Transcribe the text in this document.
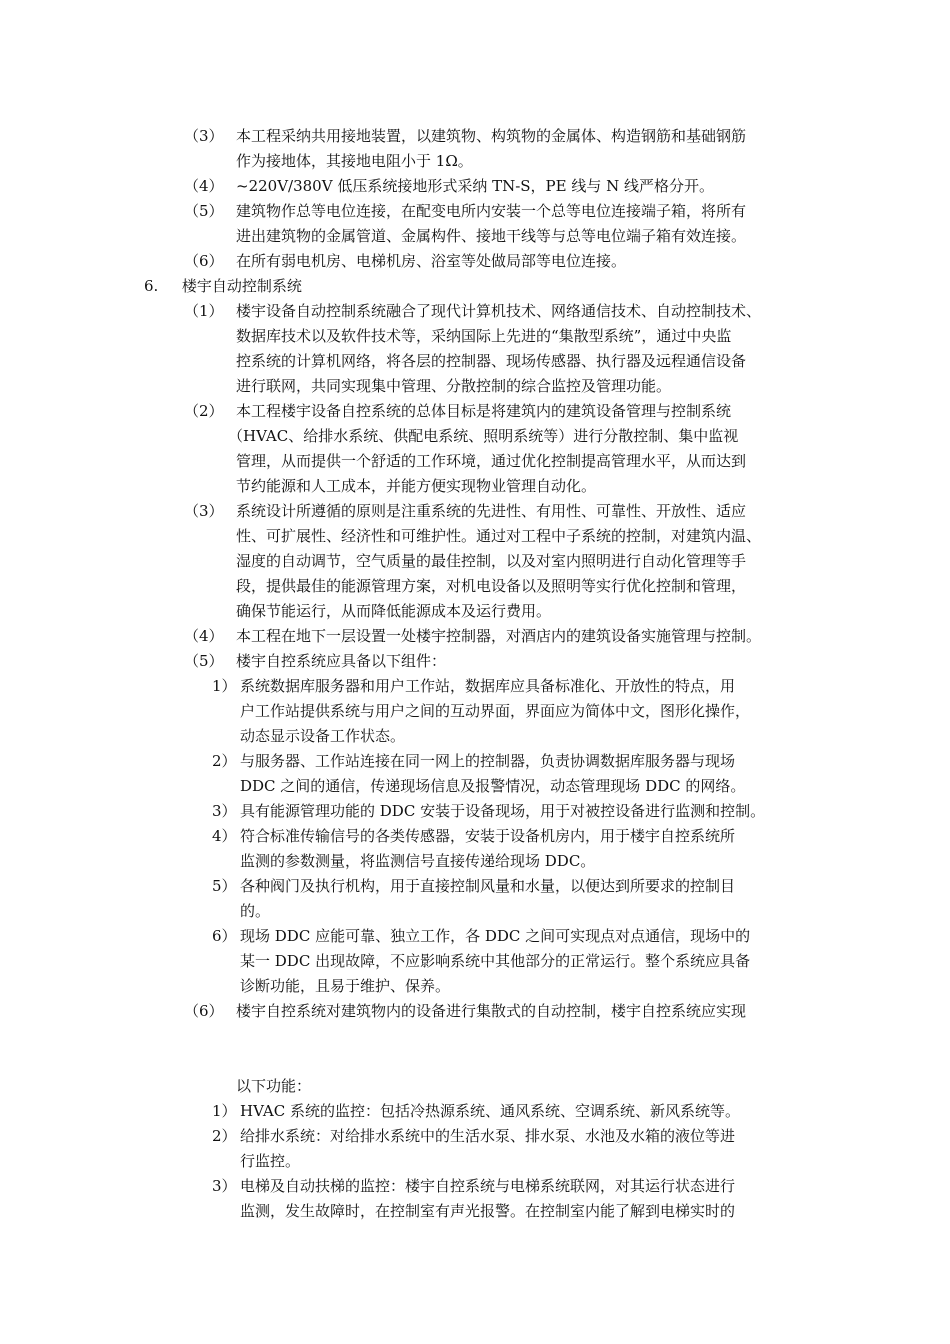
（3） 本工程采纳共用接地装置，以建筑物、构筑物的金属体、构造钢筋和基础钢筋
作为接地体，其接地电阻小于 1Ω。
（4） ~220V/380V 低压系统接地形式采纳 TN-S，PE 线与 N 线严格分开。
（5） 建筑物作总等电位连接，在配变电所内安装一个总等电位连接端子箱，将所有
进出建筑物的金属管道、金属构件、接地干线等与总等电位端子箱有效连接。
（6） 在所有弱电机房、电梯机房、浴室等处做局部等电位连接。
6. 楼宇自动控制系统
（1） 楼宇设备自动控制系统融合了现代计算机技术、网络通信技术、自动控制技术、
数据库技术以及软件技术等，采纳国际上先进的“集散型系统”，通过中央监
控系统的计算机网络，将各层的控制器、现场传感器、执行器及远程通信设备
进行联网，共同实现集中管理、分散控制的综合监控及管理功能。
（2） 本工程楼宇设备自控系统的总体目标是将建筑内的建筑设备管理与控制系统
（HVAC、给排水系统、供配电系统、照明系统等）进行分散控制、集中监视
管理，从而提供一个舒适的工作环境，通过优化控制提高管理水平，从而达到
节约能源和人工成本，并能方便实现物业管理自动化。
（3） 系统设计所遵循的原则是注重系统的先进性、有用性、可靠性、开放性、适应
性、可扩展性、经济性和可维护性。通过对工程中子系统的控制，对建筑内温、
湿度的自动调节，空气质量的最佳控制，以及对室内照明进行自动化管理等手
段，提供最佳的能源管理方案，对机电设备以及照明等实行优化控制和管理，
确保节能运行，从而降低能源成本及运行费用。
（4） 本工程在地下一层设置一处楼宇控制器，对酒店内的建筑设备实施管理与控制。
（5） 楼宇自控系统应具备以下组件：
1） 系统数据库服务器和用户工作站，数据库应具备标准化、开放性的特点，用
户工作站提供系统与用户之间的互动界面，界面应为简体中文，图形化操作，
动态显示设备工作状态。
2） 与服务器、工作站连接在同一网上的控制器，负责协调数据库服务器与现场
DDC 之间的通信，传递现场信息及报警情况，动态管理现场 DDC 的网络。
3） 具有能源管理功能的 DDC 安装于设备现场，用于对被控设备进行监测和控制。
4） 符合标准传输信号的各类传感器，安装于设备机房内，用于楼宇自控系统所
监测的参数测量，将监测信号直接传递给现场 DDC。
5） 各种阀门及执行机构，用于直接控制风量和水量，以便达到所要求的控制目
的。
6） 现场 DDC 应能可靠、独立工作，各 DDC 之间可实现点对点通信，现场中的
某一 DDC 出现故障，不应影响系统中其他部分的正常运行。整个系统应具备
诊断功能，且易于维护、保养。
（6） 楼宇自控系统对建筑物内的设备进行集散式的自动控制，楼宇自控系统应实现
以下功能：
1） HVAC 系统的监控：包括冷热源系统、通风系统、空调系统、新风系统等。
2） 给排水系统：对给排水系统中的生活水泵、排水泵、水池及水箱的液位等进
行监控。
3） 电梯及自动扶梯的监控：楼宇自控系统与电梯系统联网，对其运行状态进行
监测，发生故障时，在控制室有声光报警。在控制室内能了解到电梯实时的
